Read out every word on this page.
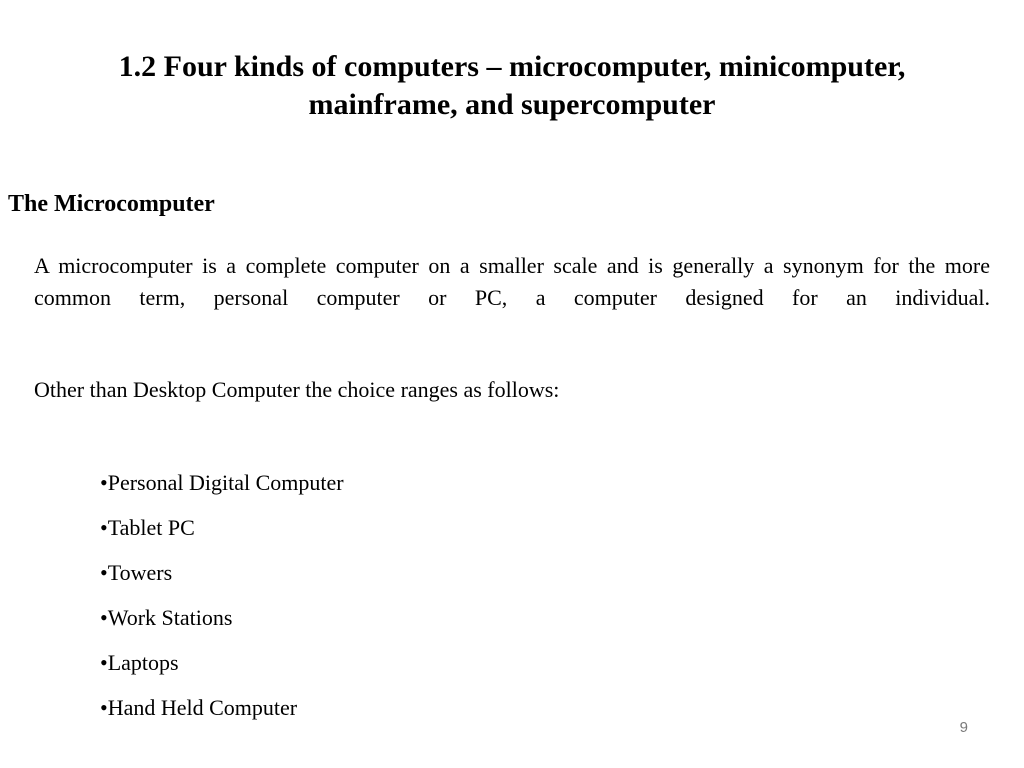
1.2 Four kinds of computers – microcomputer, minicomputer, mainframe, and supercomputer
The Microcomputer

A microcomputer is a complete computer on a smaller scale and is generally a synonym for the more common term, personal computer or PC, a computer designed for an individual.

Other than Desktop Computer the choice ranges as follows:

•Personal Digital Computer
•Tablet PC
•Towers
•Work Stations
•Laptops
•Hand Held Computer
9
